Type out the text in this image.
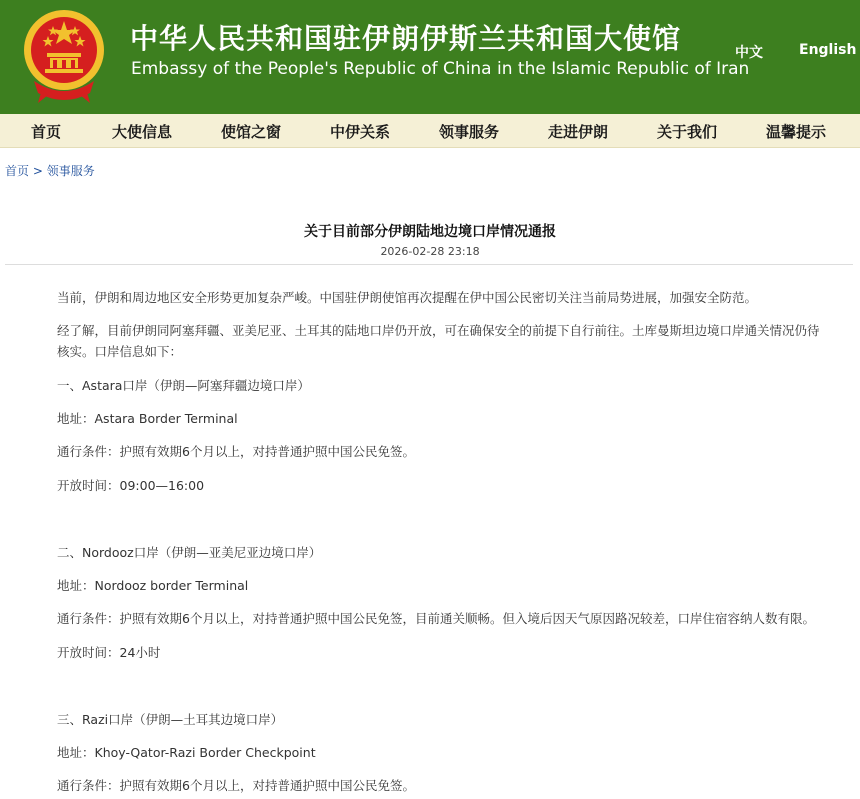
中华人民共和国驻伊朗伊斯兰共和国大使馆
Embassy of the People's Republic of China in the Islamic Republic of Iran
中文	English
首页	大使信息	使馆之窗	中伊关系	领事服务	走进伊朗	关于我们	温馨提示
首页 > 领事服务
关于目前部分伊朗陆地边境口岸情况通报
2026-02-28 23:18
当前，伊朗和周边地区安全形势更加复杂严峻。中国驻伊朗使馆再次提醒在伊中国公民密切关注当前局势进展，加强安全防范。
经了解，目前伊朗同阿塞拜疆、亚美尼亚、土耳其的陆地口岸仍开放，可在确保安全的前提下自行前往。土库曼斯坦边境口岸通关情况仍待核实。口岸信息如下：
一、Astara口岸（伊朗—阿塞拜疆边境口岸）
地址：Astara Border Terminal
通行条件：护照有效期6个月以上，对持普通护照中国公民免签。
开放时间：09:00—16:00
二、Nordooz口岸（伊朗—亚美尼亚边境口岸）
地址：Nordooz border Terminal
通行条件：护照有效期6个月以上，对持普通护照中国公民免签，目前通关顺畅。但入境后因天气原因路况较差，口岸住宿容纳人数有限。
开放时间：24小时
三、Razi口岸（伊朗—土耳其边境口岸）
地址：Khoy-Qator-Razi Border Checkpoint
通行条件：护照有效期6个月以上，对持普通护照中国公民免签。
